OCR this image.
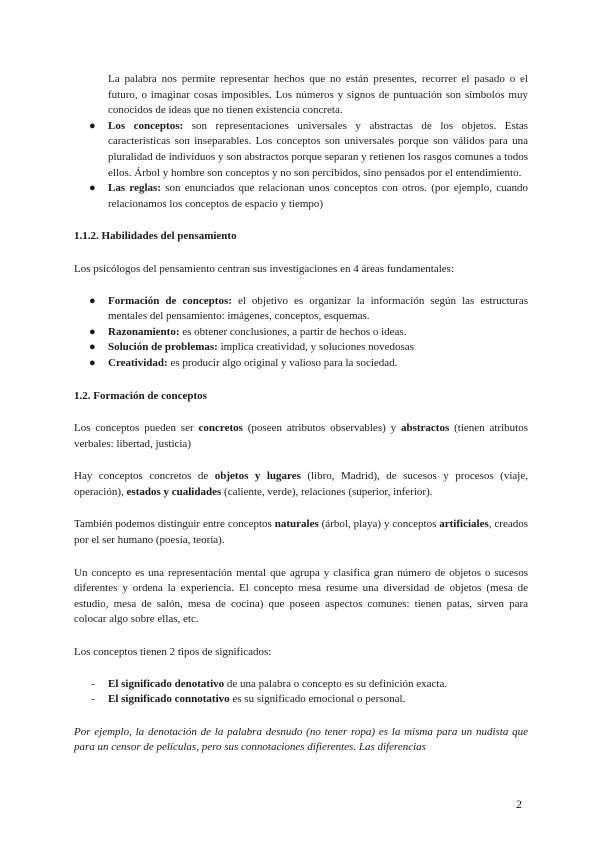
La palabra nos permite representar hechos que no están presentes, recorrer el pasado o el futuro, o imaginar cosas imposibles. Los números y signos de puntuación son símbolos muy conocidos de ideas que no tienen existencia concreta.

● Los conceptos: son representaciones universales y abstractas de los objetos. Estas características son inseparables. Los conceptos son universales porque son válidos para una pluralidad de individuos y son abstractos porque separan y retienen los rasgos comunes a todos ellos. Árbol y hombre son conceptos y no son percibidos, sino pensados por el entendimiento.

● Las reglas: son enunciados que relacionan unos conceptos con otros. (por ejemplo, cuando relacionamos los conceptos de espacio y tiempo)

1.1.2. Habilidades del pensamiento

Los psicólogos del pensamiento centran sus investigaciones en 4 áreas fundamentales:

● Formación de conceptos: el objetivo es organizar la información según las estructuras mentales del pensamiento: imágenes, conceptos, esquemas.

● Razonamiento: es obtener conclusiones, a partir de hechos o ideas.

● Solución de problemas: implica creatividad, y soluciones novedosas

● Creatividad: es producir algo original y valioso para la sociedad.

1.2. Formación de conceptos

Los conceptos pueden ser concretos (poseen atributos observables) y abstractos (tienen atributos verbales: libertad, justicia)

Hay conceptos concretos de objetos y lugares (libro, Madrid), de sucesos y procesos (viaje, operación), estados y cualidades (caliente, verde), relaciones (superior, inferior).

También podemos distinguir entre conceptos naturales (árbol, playa) y conceptos artificiales, creados por el ser humano (poesía, teoría).

Un concepto es una representación mental que agrupa y clasifica gran número de objetos o sucesos diferentes y ordena la experiencia. El concepto mesa resume una diversidad de objetos (mesa de estudio, mesa de salón, mesa de cocina) que poseen aspectos comunes: tienen patas, sirven para colocar algo sobre ellas, etc.

Los conceptos tienen 2 tipos de significados:

- El significado denotativo de una palabra o concepto es su definición exacta.

- El significado connotativo es su significado emocional o personal.

Por ejemplo, la denotación de la palabra desnudo (no tener ropa) es la misma para un nudista que para un censor de películas, pero sus connotaciones difierentes. Las diferencias

2
